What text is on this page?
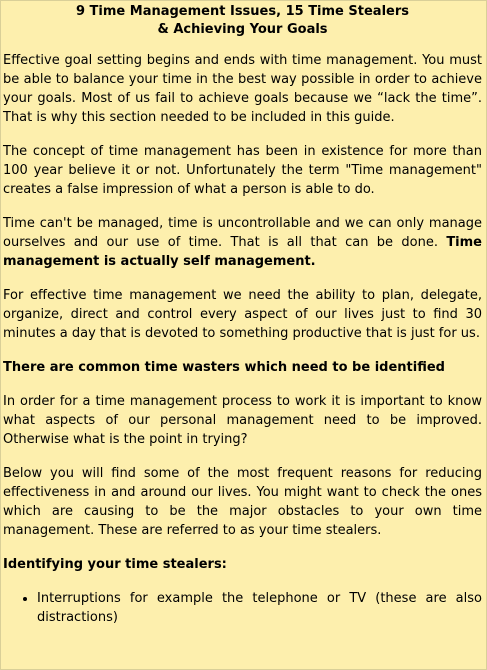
9 Time Management Issues, 15 Time Stealers
& Achieving Your Goals

Effective goal setting begins and ends with time management. You must be able to balance your time in the best way possible in order to achieve your goals. Most of us fail to achieve goals because we “lack the time”. That is why this section needed to be included in this guide.

The concept of time management has been in existence for more than 100 year believe it or not. Unfortunately the term "Time management" creates a false impression of what a person is able to do.

Time can't be managed, time is uncontrollable and we can only manage ourselves and our use of time. That is all that can be done. Time management is actually self management.

For effective time management we need the ability to plan, delegate, organize, direct and control every aspect of our lives just to find 30 minutes a day that is devoted to something productive that is just for us.

There are common time wasters which need to be identified

In order for a time management process to work it is important to know what aspects of our personal management need to be improved. Otherwise what is the point in trying?

Below you will find some of the most frequent reasons for reducing effectiveness in and around our lives. You might want to check the ones which are causing to be the major obstacles to your own time management. These are referred to as your time stealers.

Identifying your time stealers:

• Interruptions for example the telephone or TV (these are also distractions)
